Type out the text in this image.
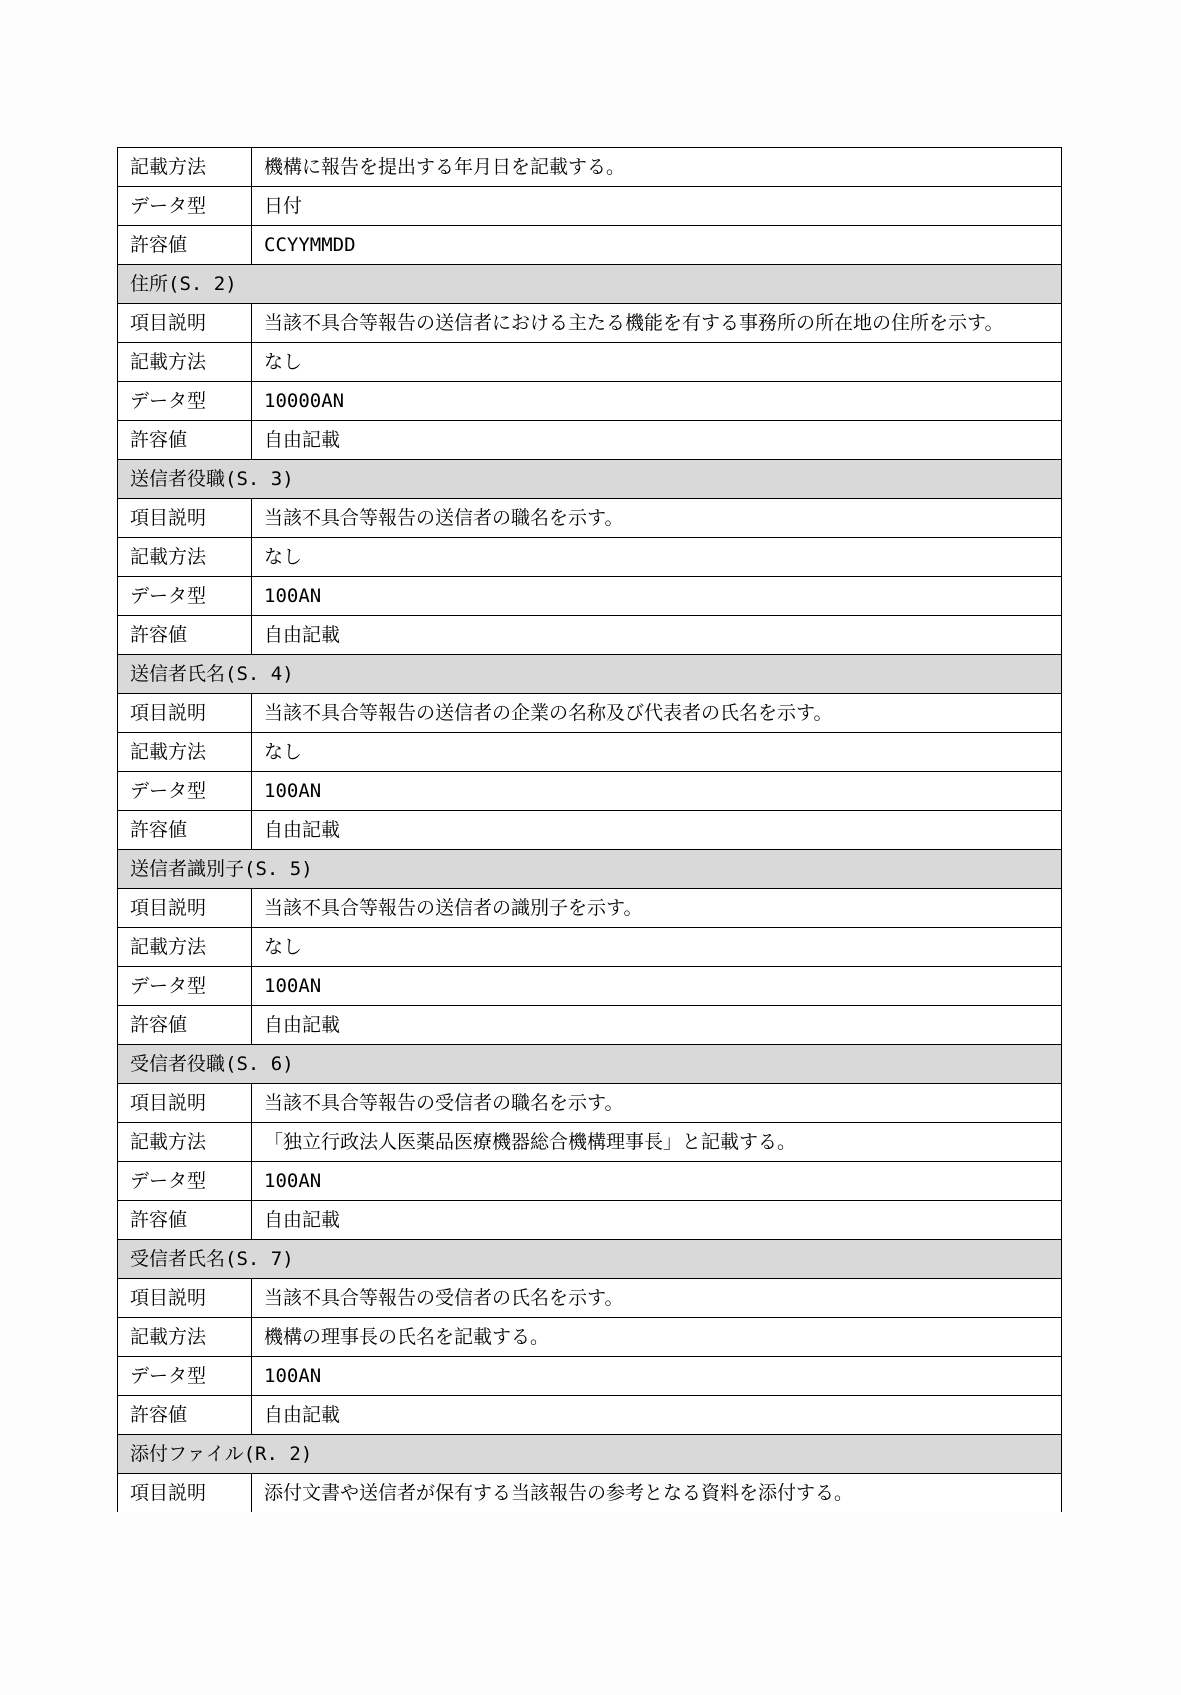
記載方法	機構に報告を提出する年月日を記載する。
データ型	日付
許容値	CCYYMMDD
住所(S. 2)	
項目説明	当該不具合等報告の送信者における主たる機能を有する事務所の所在地の住所を示す。
記載方法	なし
データ型	10000AN
許容値	自由記載
送信者役職(S. 3)	
項目説明	当該不具合等報告の送信者の職名を示す。
記載方法	なし
データ型	100AN
許容値	自由記載
送信者氏名(S. 4)	
項目説明	当該不具合等報告の送信者の企業の名称及び代表者の氏名を示す。
記載方法	なし
データ型	100AN
許容値	自由記載
送信者識別子(S. 5)	
項目説明	当該不具合等報告の送信者の識別子を示す。
記載方法	なし
データ型	100AN
許容値	自由記載
受信者役職(S. 6)	
項目説明	当該不具合等報告の受信者の職名を示す。
記載方法	「独立行政法人医薬品医療機器総合機構理事長」と記載する。
データ型	100AN
許容値	自由記載
受信者氏名(S. 7)	
項目説明	当該不具合等報告の受信者の氏名を示す。
記載方法	機構の理事長の氏名を記載する。
データ型	100AN
許容値	自由記載
添付ファイル(R. 2)	
項目説明	添付文書や送信者が保有する当該報告の参考となる資料を添付する。
